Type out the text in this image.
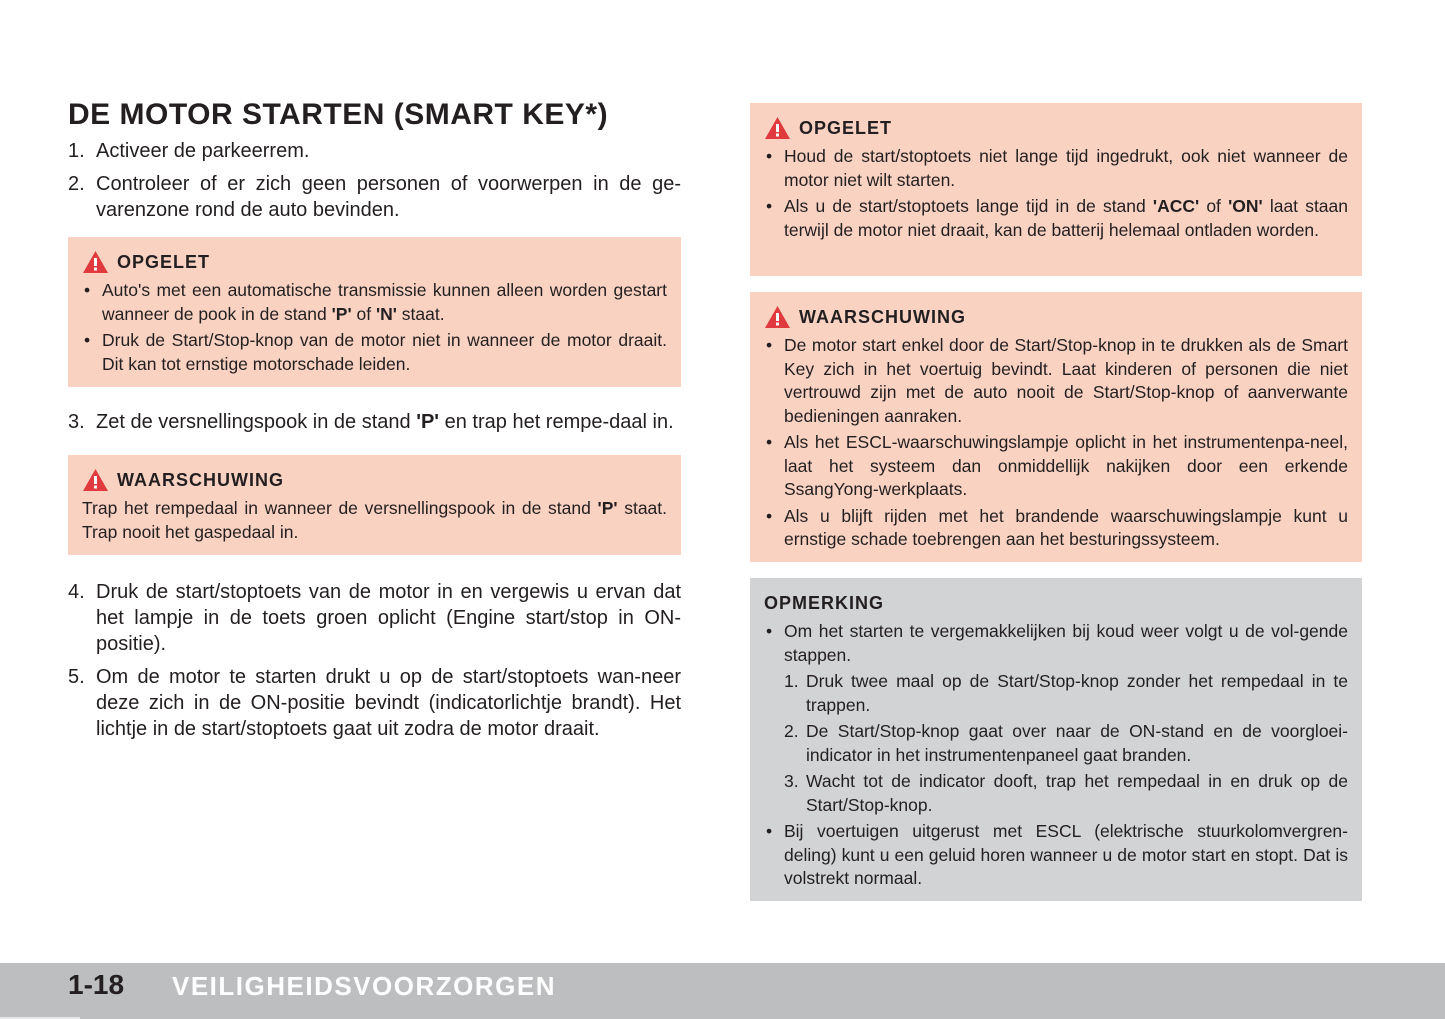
DE MOTOR STARTEN (SMART KEY*)
1. Activeer de parkeerrem.
2. Controleer of er zich geen personen of voorwerpen in de ge-varenzone rond de auto bevinden.
OPGELET
• Auto's met een automatische transmissie kunnen alleen worden gestart wanneer de pook in de stand 'P' of 'N' staat.
• Druk de Start/Stop-knop van de motor niet in wanneer de motor draait. Dit kan tot ernstige motorschade leiden.
3. Zet de versnellingspook in de stand 'P' en trap het rempe-daal in.
WAARSCHUWING

Trap het rempedaal in wanneer de versnellingspook in de stand 'P' staat. Trap nooit het gaspedaal in.

4. Druk de start/stoptoets van de motor in en vergewis u ervan dat het lampje in de toets groen oplicht (Engine start/stop in ON-positie).
5. Om de motor te starten drukt u op de start/stoptoets wan-neer deze zich in de ON-positie bevindt (indicatorlichtje brandt). Het lichtje in de start/stoptoets gaat uit zodra de motor draait.
OPGELET
• Houd de start/stoptoets niet lange tijd ingedrukt, ook niet wanneer de motor niet wilt starten.
• Als u de start/stoptoets lange tijd in de stand 'ACC' of 'ON' laat staan terwijl de motor niet draait, kan de batterij helemaal ontladen worden.
WAARSCHUWING
• De motor start enkel door de Start/Stop-knop in te drukken als de Smart Key zich in het voertuig bevindt. Laat kinderen of personen die niet vertrouwd zijn met de auto nooit de Start/Stop-knop of aanverwante bedieningen aanraken.
• Als het ESCL-waarschuwingslampje oplicht in het instrumentenpa-neel, laat het systeem dan onmiddellijk nakijken door een erkende SsangYong-werkplaats.
• Als u blijft rijden met het brandende waarschuwingslampje kunt u ernstige schade toebrengen aan het besturingssysteem.
OPMERKING
• Om het starten te vergemakkelijken bij koud weer volgt u de vol-gende stappen.
1. Druk twee maal op de Start/Stop-knop zonder het rempedaal in te trappen.
2. De Start/Stop-knop gaat over naar de ON-stand en de voorgloei-indicator in het instrumentenpaneel gaat branden.
3. Wacht tot de indicator dooft, trap het rempedaal in en druk op de Start/Stop-knop.
• Bij voertuigen uitgerust met ESCL (elektrische stuurkolomvergren-deling) kunt u een geluid horen wanneer u de motor start en stopt. Dat is volstrekt normaal.
1-18 VEILIGHEIDSVOORZORGEN
